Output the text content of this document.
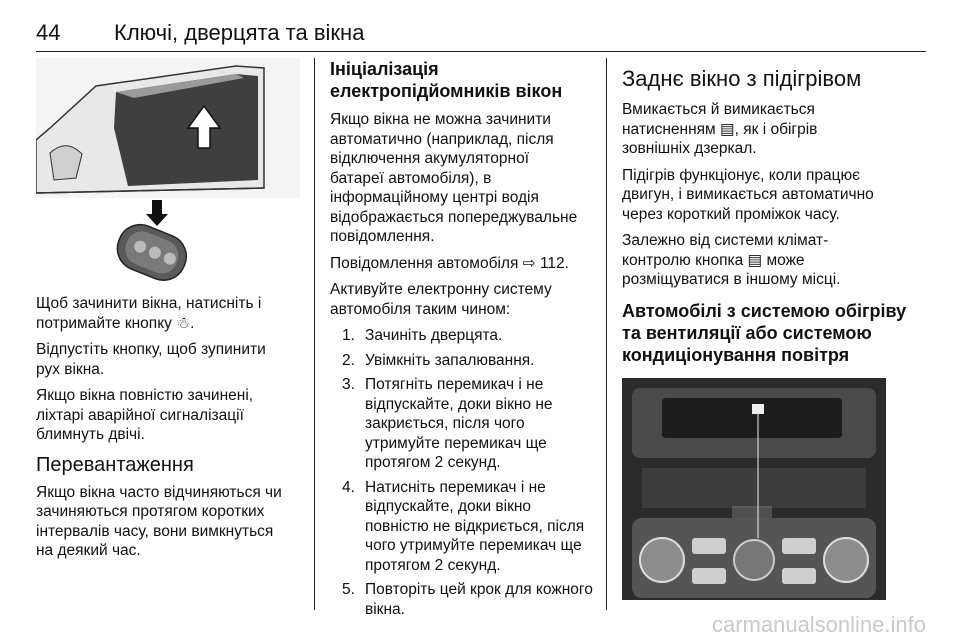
44 Ключі, дверцята та вікна

Щоб зачинити вікна, натисніть і
потримайте кнопку ☃.

Відпустіть кнопку, щоб зупинити
рух вікна.

Якщо вікна повністю зачинені,
ліхтарі аварійної сигналізації
блимнуть двічі.

Перевантаження

Якщо вікна часто відчиняються чи
зачиняються протягом коротких
інтервалів часу, вони вимкнуться
на деякий час.

Ініціалізація
електропідйомників вікон

Якщо вікна не можна зачинити
автоматично (наприклад, після
відключення акумуляторної
батареї автомобіля), в
інформаційному центрі водія
відображається попереджувальне
повідомлення.

Повідомлення автомобіля ⇨ 112.

Активуйте електронну систему
автомобіля таким чином:

1. Зачиніть дверцята.
2. Увімкніть запалювання.
3. Потягніть перемикач і не
відпускайте, доки вікно не
закриється, після чого
утримуйте перемикач ще
протягом 2 секунд.
4. Натисніть перемикач і не
відпускайте, доки вікно
повністю не відкриється, після
чого утримуйте перемикач ще
протягом 2 секунд.
5. Повторіть цей крок для кожного
вікна.
Заднє вікно з підігрівом

Вмикається й вимикається
натисненням ▤, як і обігрів
зовнішніх дзеркал.

Підігрів функціонує, коли працює
двигун, і вимикається автоматично
через короткий проміжок часу.

Залежно від системи клімат-
контролю кнопка ▤ може
розміщуватися в іншому місці.

Автомобілі з системою обігріву
та вентиляції або системою
кондиціонування повітря
carmanualsonline.info
